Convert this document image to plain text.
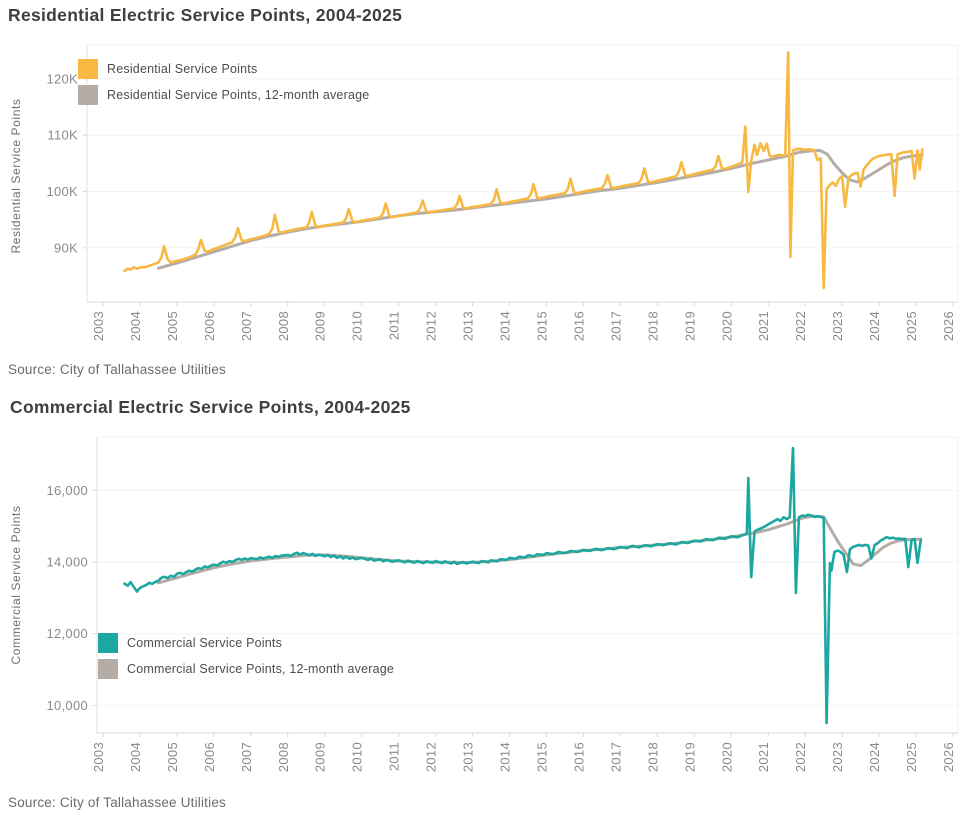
120K
110K
100K
90K
2003 2004 2005 2006 2007 2008 2009 2010 2011 2012 2013 2014 2015 2016 2017 2018 2019 2020 2021 2022 2023 2024 2025 2026
Residential Service Points
16,000
14,000
12,000
10,000
2003 2004 2005 2006 2007 2008 2009 2010 2011 2012 2013 2014 2015 2016 2017 2018 2019 2020 2021 2022 2023 2024 2025 2026
Commercial Service Points
Residential Electric Service Points, 2004-2025
Residential Service Points
Residential Service Points, 12-month average
Source: City of Tallahassee Utilities
Commercial Electric Service Points, 2004-2025
Commercial Service Points
Commercial Service Points, 12-month average
Source: City of Tallahassee Utilities
